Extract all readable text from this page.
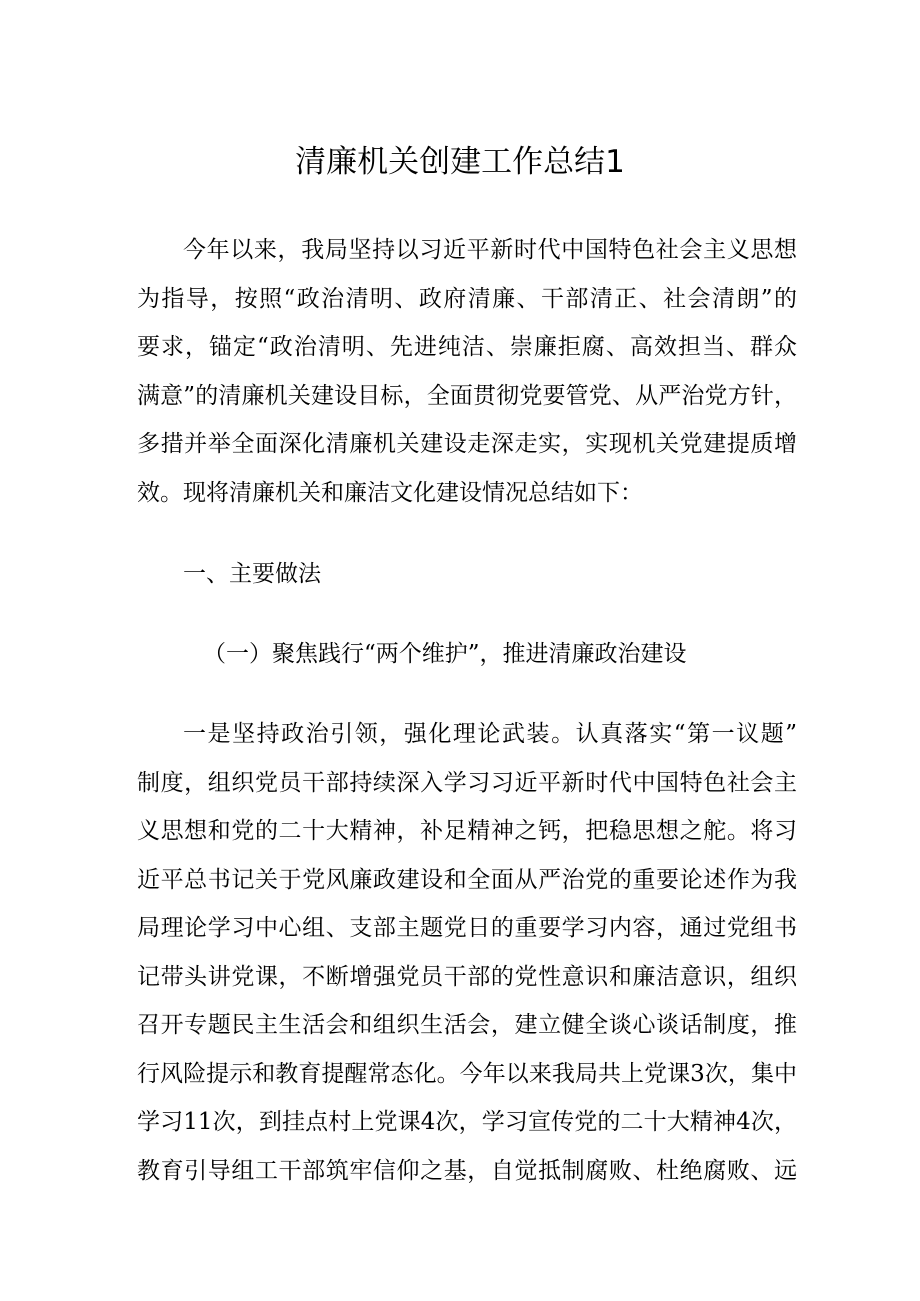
清廉机关创建工作总结1
今年以来，我局坚持以习近平新时代中国特色社会主义思想
为指导，按照“政治清明、政府清廉、干部清正、社会清朗”的
要求，锚定“政治清明、先进纯洁、崇廉拒腐、高效担当、群众
满意”的清廉机关建设目标，全面贯彻党要管党、从严治党方针，
多措并举全面深化清廉机关建设走深走实，实现机关党建提质增
效。现将清廉机关和廉洁文化建设情况总结如下：
一、主要做法
（一）聚焦践行“两个维护”，推进清廉政治建设
一是坚持政治引领，强化理论武装。认真落实“第一议题”
制度，组织党员干部持续深入学习习近平新时代中国特色社会主
义思想和党的二十大精神，补足精神之钙，把稳思想之舵。将习
近平总书记关于党风廉政建设和全面从严治党的重要论述作为我
局理论学习中心组、支部主题党日的重要学习内容，通过党组书
记带头讲党课，不断增强党员干部的党性意识和廉洁意识，组织
召开专题民主生活会和组织生活会，建立健全谈心谈话制度，推
行风险提示和教育提醒常态化。今年以来我局共上党课3次，集中
学习11次，到挂点村上党课4次，学习宣传党的二十大精神4次，
教育引导组工干部筑牢信仰之基，自觉抵制腐败、杜绝腐败、远
